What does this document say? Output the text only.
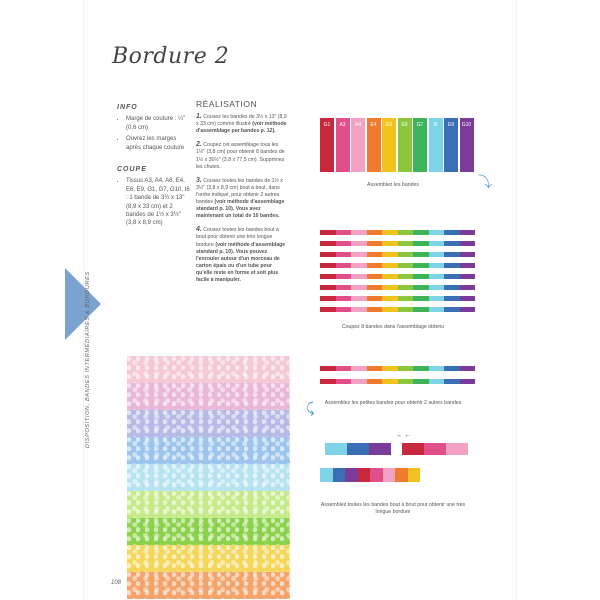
Bordure 2
INFO
• Marge de couture : ¼" (0,6 cm)
• Ouvrez les marges après chaque couture
COUPE
• Tissus A3, A4, A6, E4, E6, E9, G1, G7, G10, I6 : 1 bande de 3½ x 13" (8,9 x 33 cm) et 2 bandes de 1½ x 3½" (3,8 x 8,9 cm)
RÉALISATION
1. Cousez les bandes de 3½ x 13" (8,9 x 33 cm) comme illustré (voir méthode d'assemblage par bandes p. 12).
2. Coupez cet assemblage tous les 1½" (3,8 cm) pour obtenir 8 bandes de 1½ x 30½" (3,8 x 77,5 cm). Supprimez les chutes.
3. Cousez toutes les bandes de 1½ x 3½" (3,8 x 8,9 cm) bout à bout, dans l'ordre indiqué, pour obtenir 2 autres bandes (voir méthode d'assemblage standard p. 10). Vous avez maintenant un total de 10 bandes.
4. Cousez toutes les bandes bout à bout pour obtenir une très longue bordure (voir méthode d'assemblage standard p. 10). Vous pouvez l'enrouler autour d'un morceau de carton épais ou d'un tube pour qu'elle reste en forme et soit plus facile à manipuler.
G1	A3	A4	E4	E6	E9	G7	I6	E9	G10
Assemblez les bandes	⤵
Coupez 8 bandes dans l'assemblage obtenu
Assemblez les petites bandes pour obtenir 2 autres bandes
⤹
Assemblez toutes les bandes bout à bout pour obtenir une très longue bordure
→ ←
DISPOSITION, BANDES INTERMÉDIAIRES & BORDURES
108
